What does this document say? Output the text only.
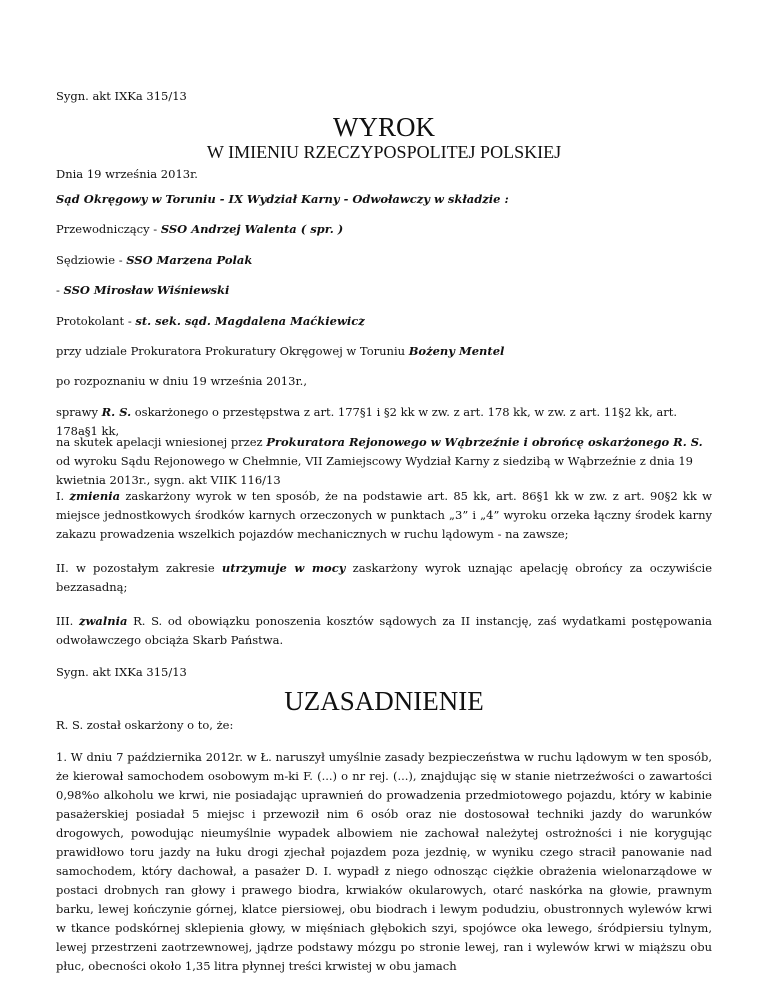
Sygn. akt IXKa 315/13

WYROK
W IMIENIU RZECZYPOSPOLITEJ POLSKIEJ

Dnia 19 września 2013r.

Sąd Okręgowy w Toruniu - IX Wydział Karny - Odwoławczy w składzie :

Przewodniczący - SSO Andrzej Walenta ( spr. )

Sędziowie - SSO Marzena Polak

- SSO Mirosław Wiśniewski

Protokolant - st. sek. sąd. Magdalena Maćkiewicz

przy udziale Prokuratora Prokuratury Okręgowej w Toruniu Bożeny Mentel

po rozpoznaniu w dniu 19 września 2013r.,

sprawy R. S. oskarżonego o przestępstwa z art. 177§1 i §2 kk w zw. z art. 178 kk, w zw. z art. 11§2 kk, art. 178a§1 kk,

na skutek apelacji wniesionej przez Prokuratora Rejonowego w Wąbrzeźnie i obrońcę oskarżonego R. S. od wyroku Sądu Rejonowego w Chełmnie, VII Zamiejscowy Wydział Karny z siedzibą w Wąbrzeźnie z dnia 19 kwietnia 2013r., sygn. akt VIIK 116/13

I. zmienia zaskarżony wyrok w ten sposób, że na podstawie art. 85 kk, art. 86§1 kk w zw. z art. 90§2 kk w miejsce jednostkowych środków karnych orzeczonych w punktach „3” i „4” wyroku orzeka łączny środek karny zakazu prowadzenia wszelkich pojazdów mechanicznych w ruchu lądowym - na zawsze;

II. w pozostałym zakresie utrzymuje w mocy zaskarżony wyrok uznając apelację obrońcy za oczywiście bezzasadną;

III. zwalnia R. S. od obowiązku ponoszenia kosztów sądowych za II instancję, zaś wydatkami postępowania odwoławczego obciąża Skarb Państwa.

Sygn. akt IXKa 315/13

UZASADNIENIE

R. S. został oskarżony o to, że:

1. W dniu 7 października 2012r. w Ł. naruszył umyślnie zasady bezpieczeństwa w ruchu lądowym w ten sposób, że kierował samochodem osobowym m-ki F. (...) o nr rej. (...), znajdując się w stanie nietrzeźwości o zawartości 0,98%o alkoholu we krwi, nie posiadając uprawnień do prowadzenia przedmiotowego pojazdu, który w kabinie pasażerskiej posiadał 5 miejsc i przewoził nim 6 osób oraz nie dostosował techniki jazdy do warunków drogowych, powodując nieumyślnie wypadek albowiem nie zachował należytej ostrożności i nie korygując prawidłowo toru jazdy na łuku drogi zjechał pojazdem poza jezdnię, w wyniku czego stracił panowanie nad samochodem, który dachował, a pasażer D. I. wypadł z niego odnosząc ciężkie obrażenia wielonarządowe w postaci drobnych ran głowy i prawego biodra, krwiaków okularowych, otarć naskórka na głowie, prawnym barku, lewej kończynie górnej, klatce piersiowej, obu biodrach i lewym podudziu, obustronnych wylewów krwi w tkance podskórnej sklepienia głowy, w mięśniach głębokich szyi, spojówce oka lewego, śródpiersiu tylnym, lewej przestrzeni zaotrzewnowej, jądrze podstawy mózgu po stronie lewej, ran i wylewów krwi w miąższu obu płuc, obecności około 1,35 litra płynnej treści krwistej w obu jamach
